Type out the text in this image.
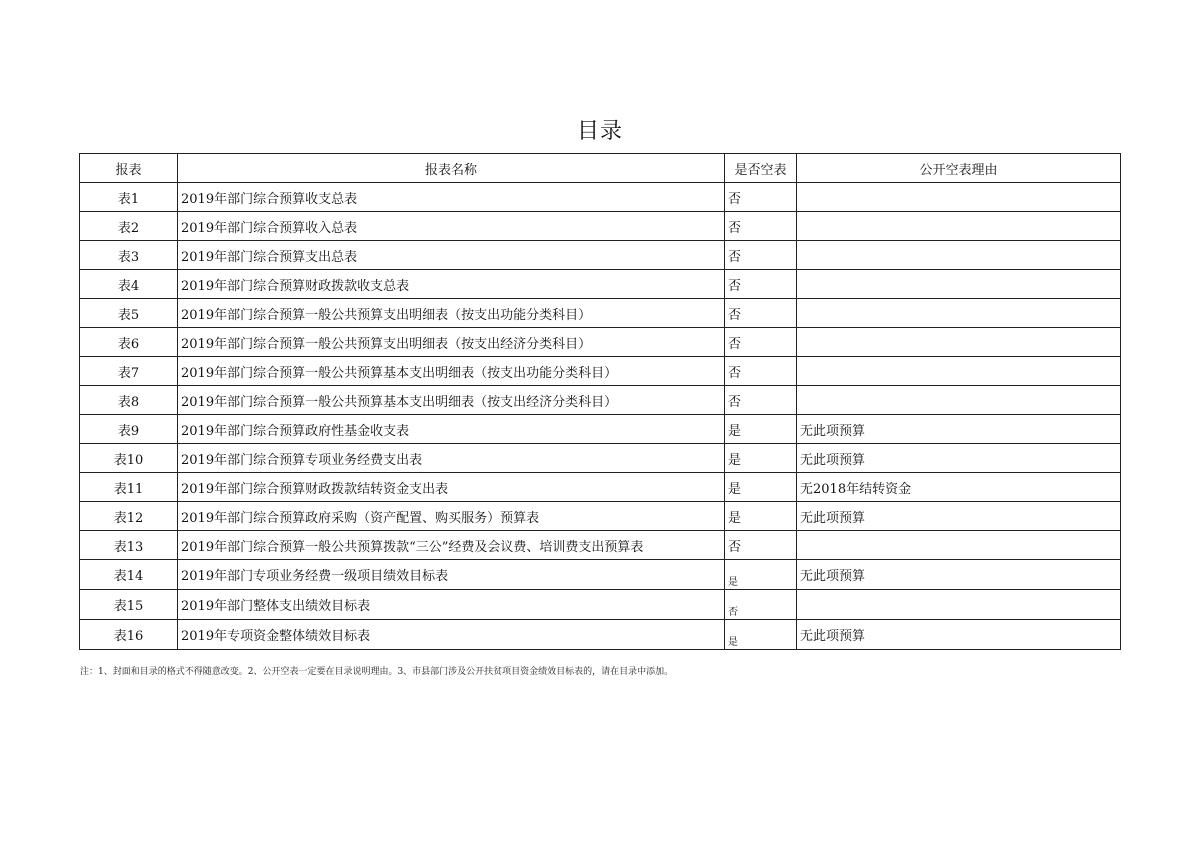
目录
报表	报表名称	是否空表	公开空表理由
表1	2019年部门综合预算收支总表	否	
表2	2019年部门综合预算收入总表	否	
表3	2019年部门综合预算支出总表	否	
表4	2019年部门综合预算财政拨款收支总表	否	
表5	2019年部门综合预算一般公共预算支出明细表（按支出功能分类科目）	否	
表6	2019年部门综合预算一般公共预算支出明细表（按支出经济分类科目）	否	
表7	2019年部门综合预算一般公共预算基本支出明细表（按支出功能分类科目）	否	
表8	2019年部门综合预算一般公共预算基本支出明细表（按支出经济分类科目）	否	
表9	2019年部门综合预算政府性基金收支表	是	无此项预算
表10	2019年部门综合预算专项业务经费支出表	是	无此项预算
表11	2019年部门综合预算财政拨款结转资金支出表	是	无2018年结转资金
表12	2019年部门综合预算政府采购（资产配置、购买服务）预算表	是	无此项预算
表13	2019年部门综合预算一般公共预算拨款“三公”经费及会议费、培训费支出预算表	否	
表14	2019年部门专项业务经费一级项目绩效目标表	是	无此项预算
表15	2019年部门整体支出绩效目标表	否	
表16	2019年专项资金整体绩效目标表	是	无此项预算
注：1、封面和目录的格式不得随意改变。2、公开空表一定要在目录说明理由。3、市县部门涉及公开扶贫项目资金绩效目标表的，请在目录中添加。
